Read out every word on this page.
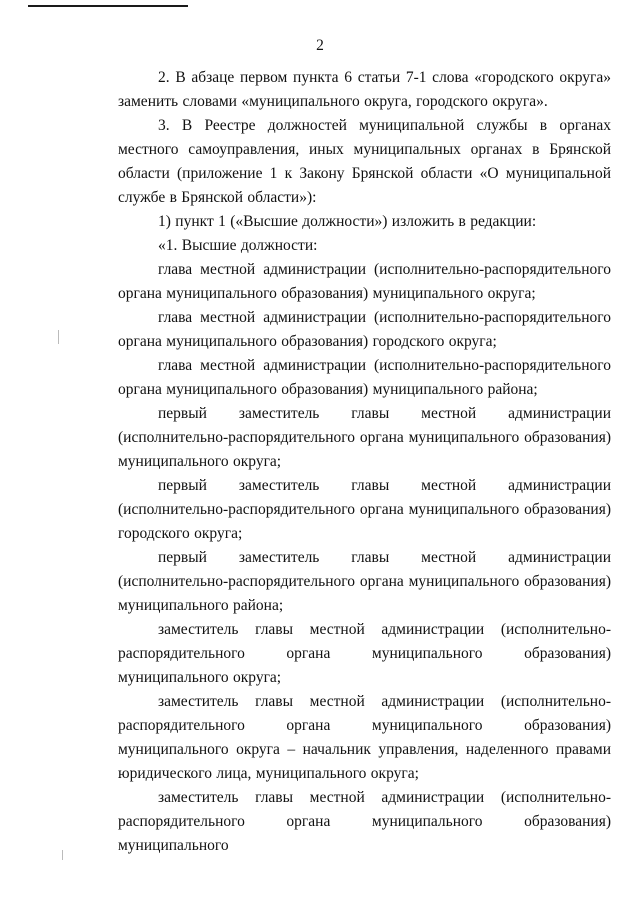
2

2. В абзаце первом пункта 6 статьи 7-1 слова «городского округа» заменить словами «муниципального округа, городского округа».

3. В Реестре должностей муниципальной службы в органах местного самоуправления, иных муниципальных органах в Брянской области (приложение 1 к Закону Брянской области «О муниципальной службе в Брянской области»):

1) пункт 1 («Высшие должности») изложить в редакции:

«1. Высшие должности:

глава местной администрации (исполнительно-распорядительного органа муниципального образования) муниципального округа;

глава местной администрации (исполнительно-распорядительного органа муниципального образования) городского округа;

глава местной администрации (исполнительно-распорядительного органа муниципального образования) муниципального района;

первый заместитель главы местной администрации (исполнительно-распорядительного органа муниципального образования) муниципального округа;

первый заместитель главы местной администрации (исполнительно-распорядительного органа муниципального образования) городского округа;

первый заместитель главы местной администрации (исполнительно-распорядительного органа муниципального образования) муниципального района;

заместитель главы местной администрации (исполнительно-распорядительного органа муниципального образования) муниципального округа;

заместитель главы местной администрации (исполнительно-распорядительного органа муниципального образования) муниципального округа – начальник управления, наделенного правами юридического лица, муниципального округа;

заместитель главы местной администрации (исполнительно-распорядительного органа муниципального образования) муниципального
